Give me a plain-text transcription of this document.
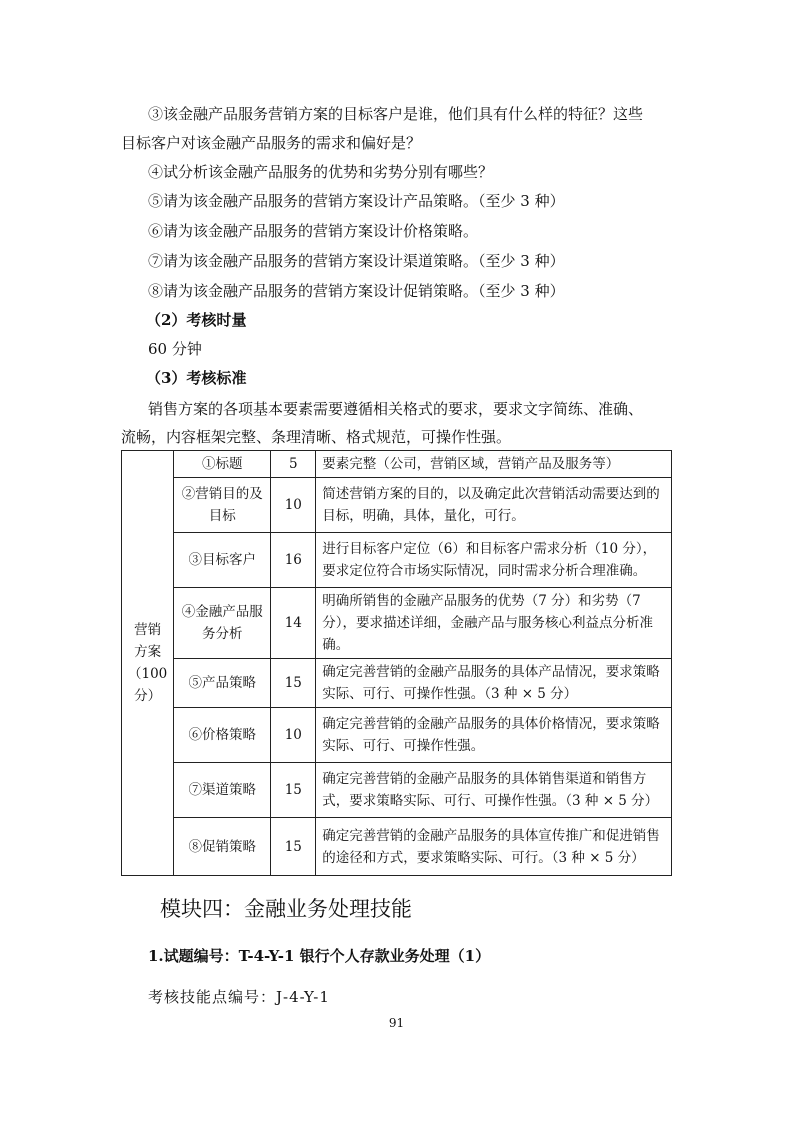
③该金融产品服务营销方案的目标客户是谁，他们具有什么样的特征？这些
目标客户对该金融产品服务的需求和偏好是？
④试分析该金融产品服务的优势和劣势分别有哪些？
⑤请为该金融产品服务的营销方案设计产品策略。（至少 3 种）
⑥请为该金融产品服务的营销方案设计价格策略。
⑦请为该金融产品服务的营销方案设计渠道策略。（至少 3 种）
⑧请为该金融产品服务的营销方案设计促销策略。（至少 3 种）
（2）考核时量
60 分钟
（3）考核标准
销售方案的各项基本要素需要遵循相关格式的要求，要求文字简练、准确、
流畅，内容框架完整、条理清晰、格式规范，可操作性强。
营销方案（100分）	①标题	5	要素完整（公司，营销区域，营销产品及服务等）
	②营销目的及目标	10	简述营销方案的目的，以及确定此次营销活动需要达到的目标，明确，具体，量化，可行。
	③目标客户	16	进行目标客户定位（6）和目标客户需求分析（10 分），要求定位符合市场实际情况，同时需求分析合理准确。
	④金融产品服务分析	14	明确所销售的金融产品服务的优势（7 分）和劣势（7 分），要求描述详细，金融产品与服务核心利益点分析准确。
	⑤产品策略	15	确定完善营销的金融产品服务的具体产品情况，要求策略实际、可行、可操作性强。（3 种 × 5 分）
	⑥价格策略	10	确定完善营销的金融产品服务的具体价格情况，要求策略实际、可行、可操作性强。
	⑦渠道策略	15	确定完善营销的金融产品服务的具体销售渠道和销售方式，要求策略实际、可行、可操作性强。（3 种 × 5 分）
	⑧促销策略	15	确定完善营销的金融产品服务的具体宣传推广和促进销售的途径和方式，要求策略实际、可行。（3 种 × 5 分）
模块四：金融业务处理技能
1.试题编号：T-4-Y-1 银行个人存款业务处理（1）
考核技能点编号：J-4-Y-1
91
